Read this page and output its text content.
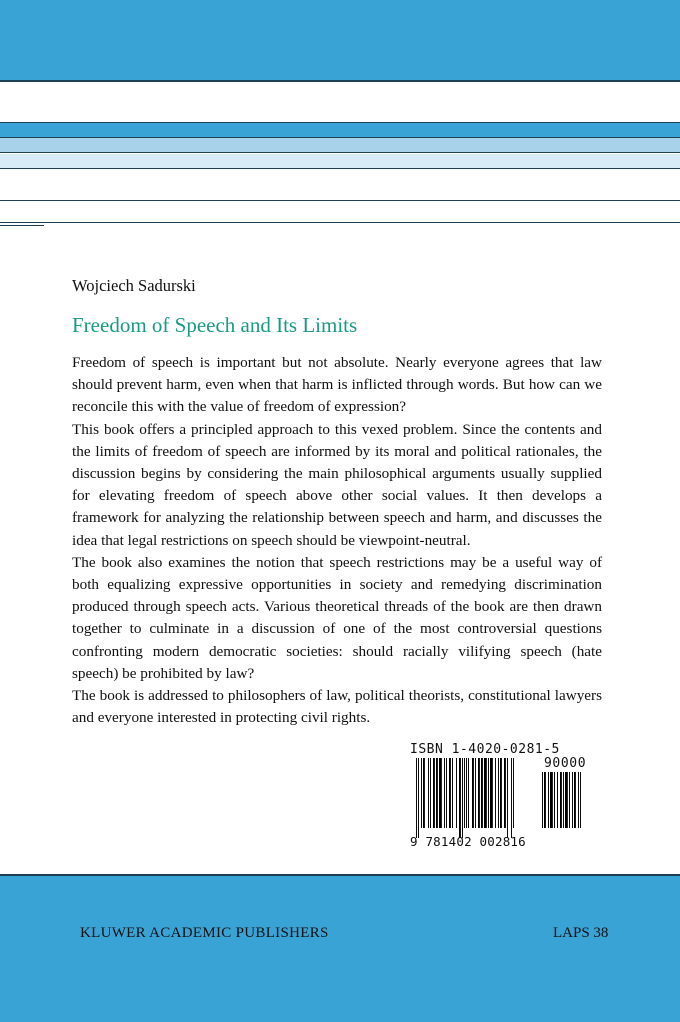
Wojciech Sadurski
Freedom of Speech and Its Limits

Freedom of speech is important but not absolute. Nearly everyone agrees that law should prevent harm, even when that harm is inflicted through words. But how can we reconcile this with the value of freedom of expression?

This book offers a principled approach to this vexed problem. Since the contents and the limits of freedom of speech are informed by its moral and political rationales, the discussion begins by considering the main philosophical arguments usually supplied for elevating freedom of speech above other social values. It then develops a framework for analyzing the relationship between speech and harm, and discusses the idea that legal restrictions on speech should be viewpoint-neutral.

The book also examines the notion that speech restrictions may be a useful way of both equalizing expressive opportunities in society and remedying discrimination produced through speech acts. Various theoretical threads of the book are then drawn together to culminate in a discussion of one of the most controversial questions confronting modern democratic societies: should racially vilifying speech (hate speech) be prohibited by law?

The book is addressed to philosophers of law, political theorists, constitutional lawyers and everyone interested in protecting civil rights.

ISBN 1-4020-0281-5
90000
9 781402 002816
KLUWER ACADEMIC PUBLISHERS	LAPS 38
